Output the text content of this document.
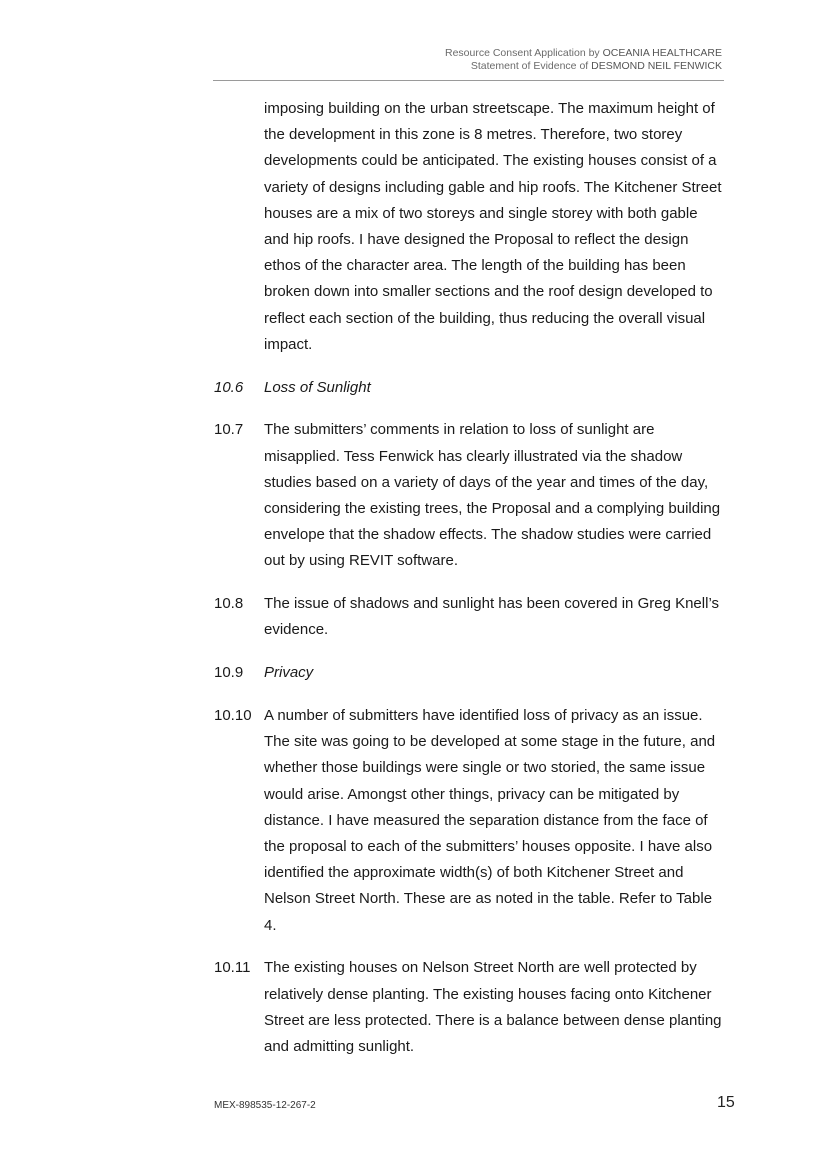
Resource Consent Application by OCEANIA HEALTHCARE
Statement of Evidence of DESMOND NEIL FENWICK
imposing building on the urban streetscape. The maximum height of the development in this zone is 8 metres. Therefore, two storey developments could be anticipated. The existing houses consist of a variety of designs including gable and hip roofs. The Kitchener Street houses are a mix of two storeys and single storey with both gable and hip roofs. I have designed the Proposal to reflect the design ethos of the character area. The length of the building has been broken down into smaller sections and the roof design developed to reflect each section of the building, thus reducing the overall visual impact.
10.6	Loss of Sunlight
10.7	The submitters’ comments in relation to loss of sunlight are misapplied. Tess Fenwick has clearly illustrated via the shadow studies based on a variety of days of the year and times of the day, considering the existing trees, the Proposal and a complying building envelope that the shadow effects. The shadow studies were carried out by using REVIT software.
10.8	The issue of shadows and sunlight has been covered in Greg Knell’s evidence.
10.9	Privacy
10.10 A number of submitters have identified loss of privacy as an issue. The site was going to be developed at some stage in the future, and whether those buildings were single or two storied, the same issue would arise. Amongst other things, privacy can be mitigated by distance. I have measured the separation distance from the face of the proposal to each of the submitters’ houses opposite. I have also identified the approximate width(s) of both Kitchener Street and Nelson Street North. These are as noted in the table. Refer to Table 4.
10.11 The existing houses on Nelson Street North are well protected by relatively dense planting. The existing houses facing onto Kitchener Street are less protected. There is a balance between dense planting and admitting sunlight.
MEX-898535-12-267-2	15
